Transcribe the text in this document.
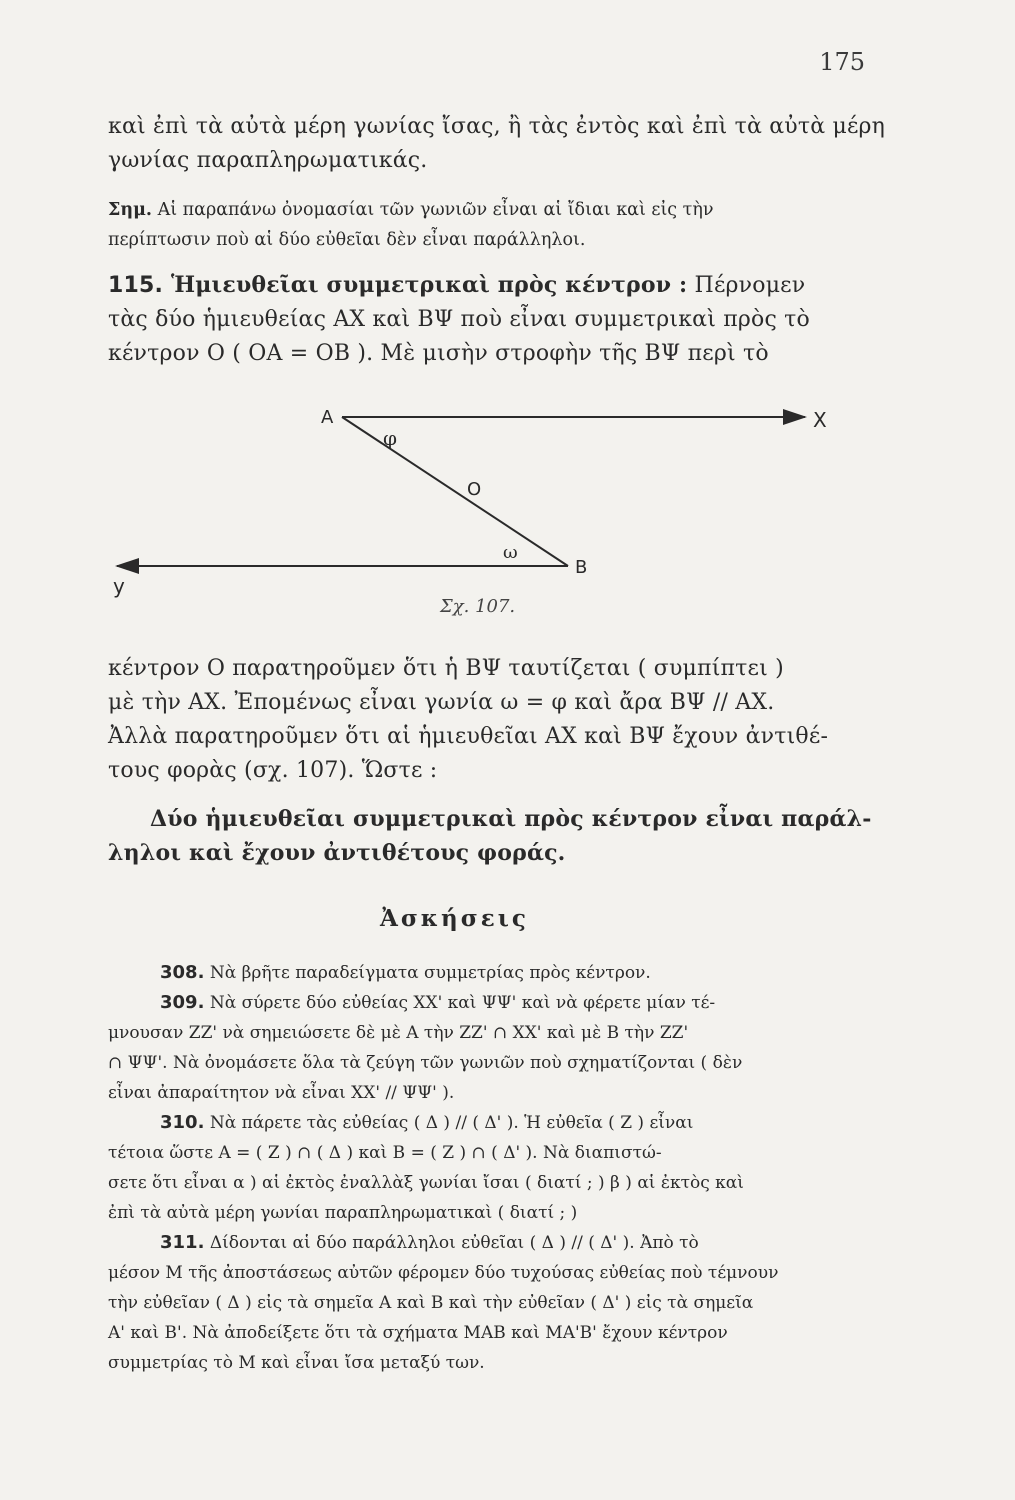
175
καὶ ἐπὶ τὰ αὐτὰ μέρη γωνίας ἴσας, ἢ τὰς ἐντὸς καὶ ἐπὶ τὰ αὐτὰ μέρη
γωνίας παραπληρωματικάς.
Σημ. Αἱ παραπάνω ὀνομασίαι τῶν γωνιῶν εἶναι αἱ ἴδιαι καὶ εἰς τὴν
περίπτωσιν ποὺ αἱ δύο εὐθεῖαι δὲν εἶναι παράλληλοι.
115. Ἡμιευθεῖαι συμμετρικαὶ πρὸς κέντρον : Πέρνομεν
τὰς δύο ἡμιευθείας ΑΧ καὶ ΒΨ ποὺ εἶναι συμμετρικαὶ πρὸς τὸ
κέντρον Ο ( ΟΑ = ΟΒ ). Μὲ μισὴν στροφὴν τῆς ΒΨ περὶ τὸ
A	X
φ
O
ω
B
y
Σχ. 107.
κέντρον Ο παρατηροῦμεν ὅτι ἡ ΒΨ ταυτίζεται ( συμπίπτει )
μὲ τὴν ΑΧ. Ἐπομένως εἶναι γωνία ω = φ καὶ ἄρα ΒΨ // ΑΧ.
Ἀλλὰ παρατηροῦμεν ὅτι αἱ ἡμιευθεῖαι ΑΧ καὶ ΒΨ ἔχουν ἀντιθέ-
τους φορὰς (σχ. 107). Ὥστε :
Δύο ἡμιευθεῖαι συμμετρικαὶ πρὸς κέντρον εἶναι παράλ-
ληλοι καὶ ἔχουν ἀντιθέτους φοράς.
Ἀσκήσεις
308. Νὰ βρῆτε παραδείγματα συμμετρίας πρὸς κέντρον.
309. Νὰ σύρετε δύο εὐθείας ΧΧ' καὶ ΨΨ' καὶ νὰ φέρετε μίαν τέ-
μνουσαν ΖΖ' νὰ σημειώσετε δὲ μὲ Α τὴν ΖΖ' ∩ ΧΧ' καὶ μὲ Β τὴν ΖΖ'
∩ ΨΨ'. Νὰ ὀνομάσετε ὅλα τὰ ζεύγη τῶν γωνιῶν ποὺ σχηματίζονται ( δὲν
εἶναι ἀπαραίτητον νὰ εἶναι ΧΧ' // ΨΨ' ).
310. Νὰ πάρετε τὰς εὐθείας ( Δ ) // ( Δ' ). Ἡ εὐθεῖα ( Ζ ) εἶναι
τέτοια ὥστε Α = ( Ζ ) ∩ ( Δ ) καὶ Β = ( Ζ ) ∩ ( Δ' ). Νὰ διαπιστώ-
σετε ὅτι εἶναι α ) αἱ ἐκτὸς ἐναλλὰξ γωνίαι ἴσαι ( διατί ; ) β ) αἱ ἐκτὸς καὶ
ἐπὶ τὰ αὐτὰ μέρη γωνίαι παραπληρωματικαὶ ( διατί ; )
311. Δίδονται αἱ δύο παράλληλοι εὐθεῖαι ( Δ ) // ( Δ' ). Ἀπὸ τὸ
μέσον Μ τῆς ἀποστάσεως αὐτῶν φέρομεν δύο τυχούσας εὐθείας ποὺ τέμνουν
τὴν εὐθεῖαν ( Δ ) εἰς τὰ σημεῖα Α καὶ Β καὶ τὴν εὐθεῖαν ( Δ' ) εἰς τὰ σημεῖα
Α' καὶ Β'. Νὰ ἀποδείξετε ὅτι τὰ σχήματα ΜΑΒ καὶ ΜΑ'Β' ἔχουν κέντρον
συμμετρίας τὸ Μ καὶ εἶναι ἴσα μεταξύ των.
